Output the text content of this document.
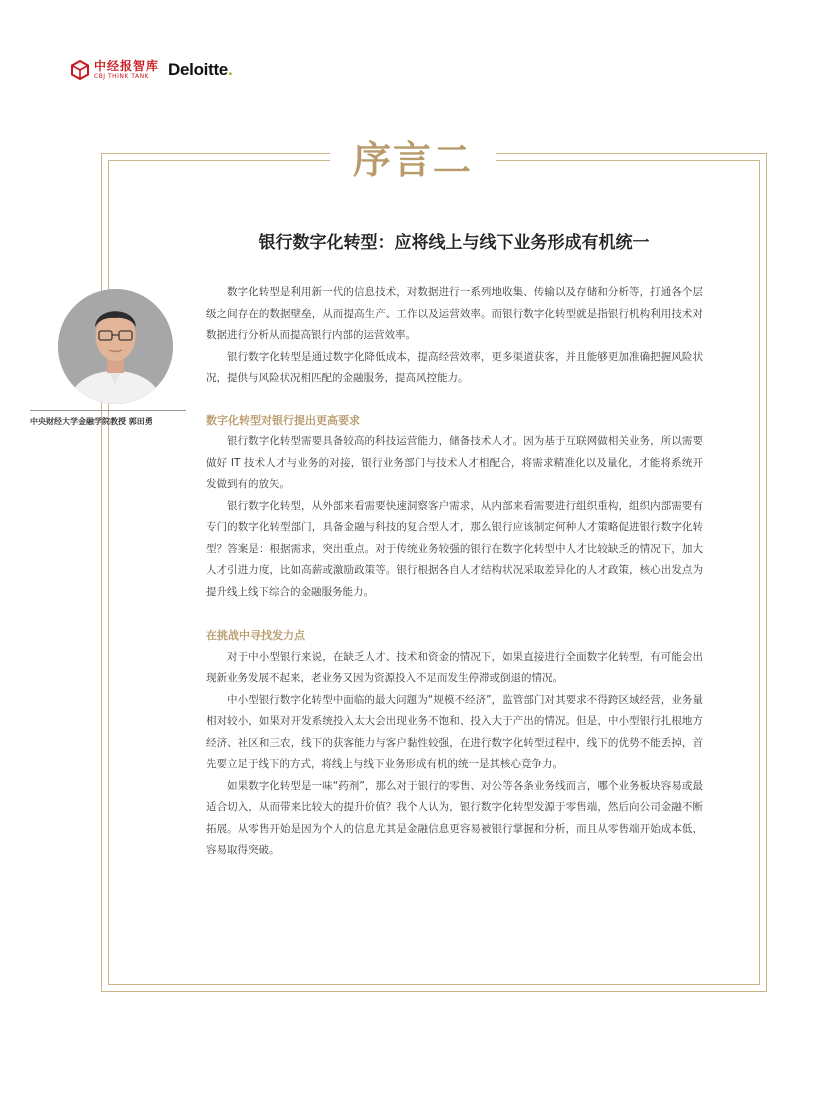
中经报智库
CBJ THINK TANK	Deloitte.
序言二
银行数字化转型：应将线上与线下业务形成有机统一
中央财经大学金融学院教授 郭田勇

数字化转型是利用新一代的信息技术，对数据进行一系列地收集、传输以及存储和分析等，打通各个层级之间存在的数据壁垒，从而提高生产、工作以及运营效率。而银行数字化转型就是指银行机构利用技术对数据进行分析从而提高银行内部的运营效率。

银行数字化转型是通过数字化降低成本，提高经营效率，更多渠道获客，并且能够更加准确把握风险状况，提供与风险状况相匹配的金融服务，提高风控能力。

数字化转型对银行提出更高要求

银行数字化转型需要具备较高的科技运营能力，储备技术人才。因为基于互联网做相关业务，所以需要做好 IT 技术人才与业务的对接，银行业务部门与技术人才相配合，将需求精准化以及量化，才能将系统开发做到有的放矢。

银行数字化转型，从外部来看需要快速洞察客户需求，从内部来看需要进行组织重构，组织内部需要有专门的数字化转型部门，具备金融与科技的复合型人才，那么银行应该制定何种人才策略促进银行数字化转型？答案是：根据需求，突出重点。对于传统业务较强的银行在数字化转型中人才比较缺乏的情况下，加大人才引进力度，比如高薪或激励政策等。银行根据各自人才结构状况采取差异化的人才政策，核心出发点为提升线上线下综合的金融服务能力。

在挑战中寻找发力点

对于中小型银行来说，在缺乏人才、技术和资金的情况下，如果直接进行全面数字化转型，有可能会出现新业务发展不起来，老业务又因为资源投入不足而发生停滞或倒退的情况。

中小型银行数字化转型中面临的最大问题为“规模不经济”，监管部门对其要求不得跨区域经营，业务量相对较小，如果对开发系统投入太大会出现业务不饱和、投入大于产出的情况。但是，中小型银行扎根地方经济、社区和三农，线下的获客能力与客户黏性较强，在进行数字化转型过程中，线下的优势不能丢掉，首先要立足于线下的方式，将线上与线下业务形成有机的统一是其核心竞争力。

如果数字化转型是一味“药剂”，那么对于银行的零售、对公等各条业务线而言，哪个业务板块容易或最适合切入，从而带来比较大的提升价值？我个人认为，银行数字化转型发源于零售端，然后向公司金融不断拓展。从零售开始是因为个人的信息尤其是金融信息更容易被银行掌握和分析，而且从零售端开始成本低，容易取得突破。
